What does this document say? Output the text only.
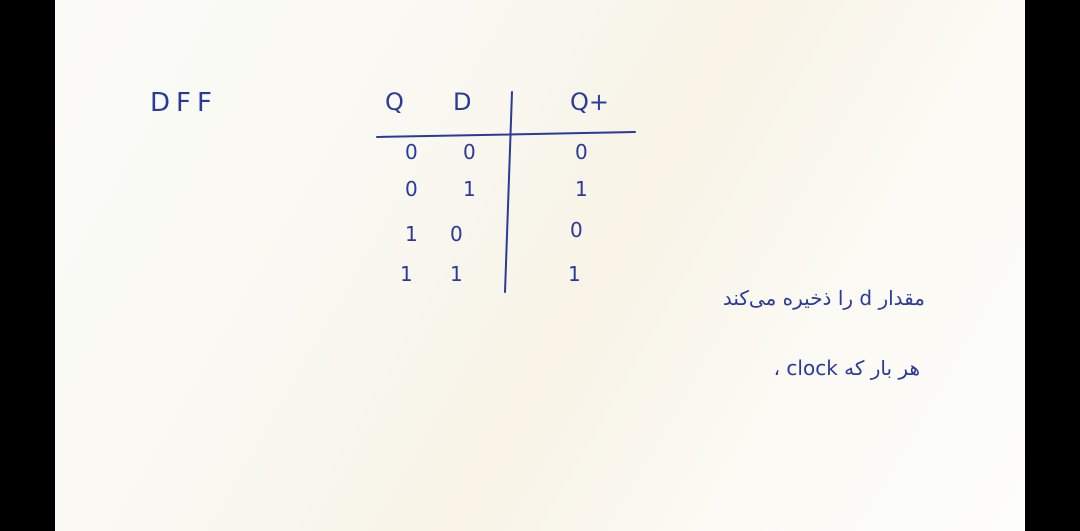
DFF	Q D	Q+
0 0	0
0 1	1
1 0	0
1 1	1
مقدار d را ذخیره می‌کند
هر بار که clock ،
